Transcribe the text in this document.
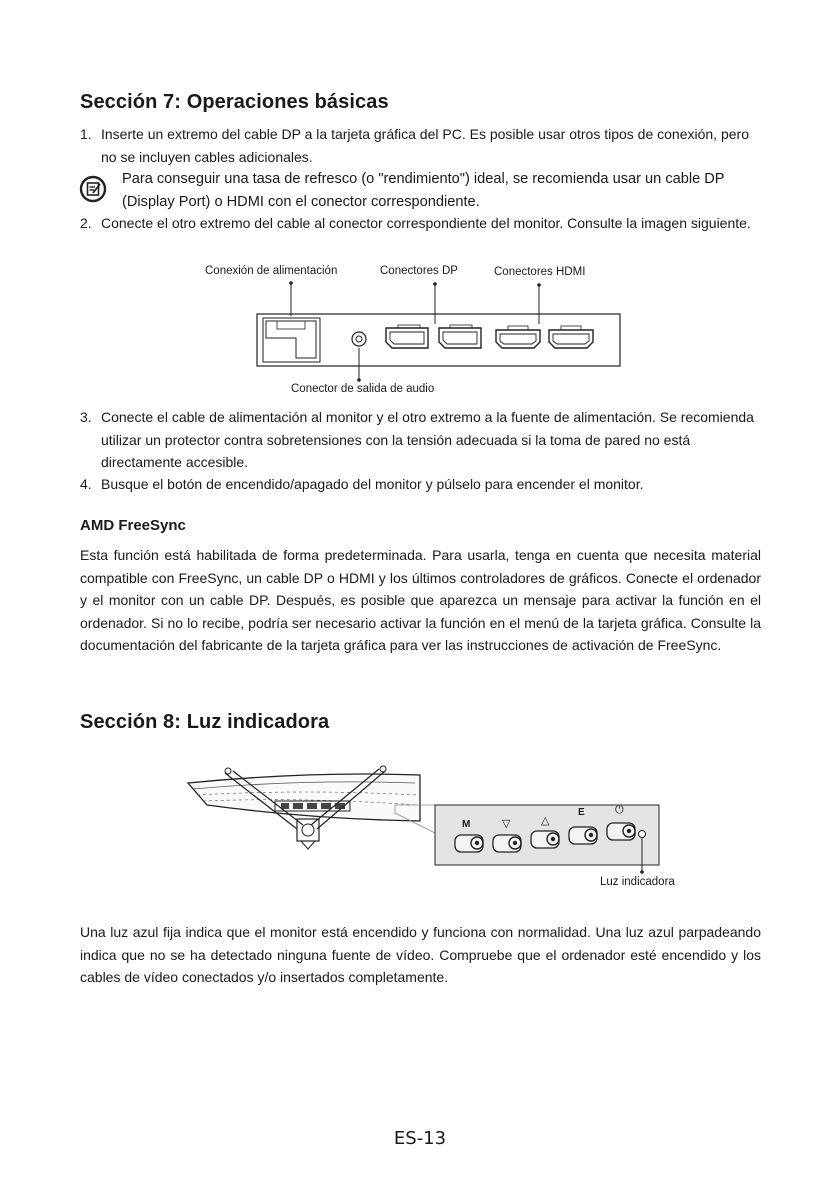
Sección 7: Operaciones básicas
1. Inserte un extremo del cable DP a la tarjeta gráfica del PC. Es posible usar otros tipos de conexión, pero no se incluyen cables adicionales.
Para conseguir una tasa de refresco (o "rendimiento") ideal, se recomienda usar un cable DP (Display Port) o HDMI con el conector correspondiente.
2. Conecte el otro extremo del cable al conector correspondiente del monitor. Consulte la imagen siguiente.
Conexión de alimentación	Conectores DP	Conectores HDMI
Conector de salida de audio
3. Conecte el cable de alimentación al monitor y el otro extremo a la fuente de alimentación. Se recomienda utilizar un protector contra sobretensiones con la tensión adecuada si la toma de pared no está directamente accesible.
4. Busque el botón de encendido/apagado del monitor y púlselo para encender el monitor.
AMD FreeSync

Esta función está habilitada de forma predeterminada. Para usarla, tenga en cuenta que necesita material compatible con FreeSync, un cable DP o HDMI y los últimos controladores de gráficos. Conecte el ordenador y el monitor con un cable DP. Después, es posible que aparezca un mensaje para activar la función en el ordenador. Si no lo recibe, podría ser necesario activar la función en el menú de la tarjeta gráfica. Consulte la documentación del fabricante de la tarjeta gráfica para ver las instrucciones de activación de FreeSync.

Sección 8: Luz indicadora
M	▽	△
E	⏻
Luz indicadora

Una luz azul fija indica que el monitor está encendido y funciona con normalidad. Una luz azul parpadeando indica que no se ha detectado ninguna fuente de vídeo. Compruebe que el ordenador esté encendido y los cables de vídeo conectados y/o insertados completamente.

ES-13
